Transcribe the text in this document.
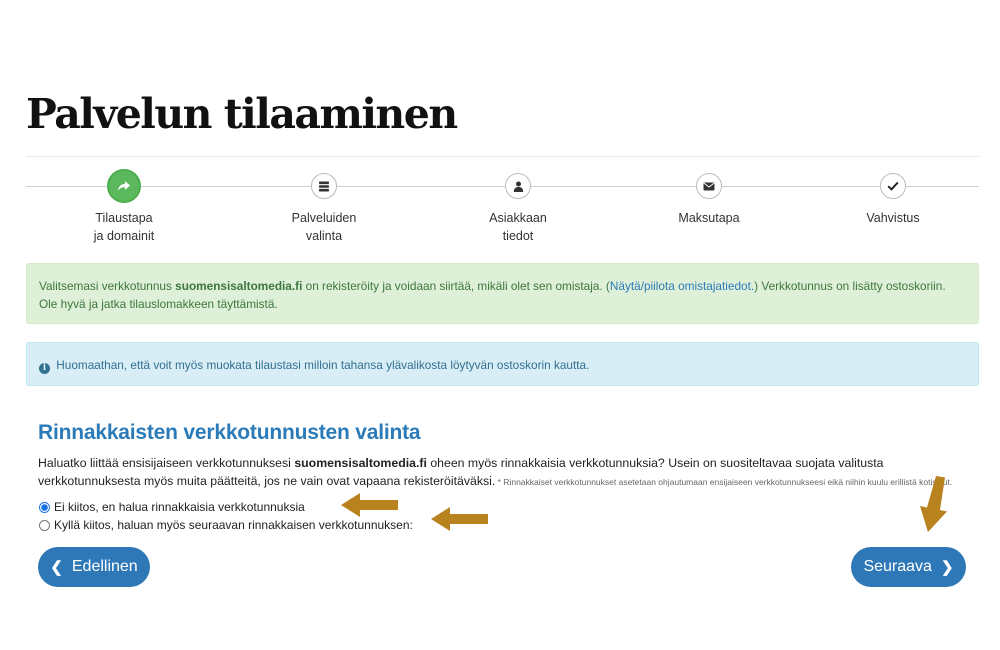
Palvelun tilaaminen
Tilaustapa
ja domainit
Palveluiden
valinta
Asiakkaan
tiedot
Maksutapa	Vahvistus
Valitsemasi verkkotunnus suomensisaltomedia.fi on rekisteröity ja voidaan siirtää, mikäli olet sen omistaja. (Näytä/piilota omistajatiedot.) Verkkotunnus on lisätty ostoskoriin. Ole hyvä ja jatka tilauslomakkeen täyttämistä.
i Huomaathan, että voit myös muokata tilaustasi milloin tahansa ylävalikosta löytyvän ostoskorin kautta.
Rinnakkaisten verkkotunnusten valinta

Haluatko liittää ensisijaiseen verkkotunnuksesi suomensisaltomedia.fi oheen myös rinnakkaisia verkkotunnuksia? Usein on suositeltavaa suojata valitusta verkkotunnuksesta myös muita päätteitä, jos ne vain ovat vapaana rekisteröitäväksi. * Rinnakkaiset verkkotunnukset asetetaan ohjautumaan ensijaiseen verkkotunnukseesi eikä niihin kuulu erillistä kotisivut.

Ei kiitos, en halua rinnakkaisia verkkotunnuksia
Kyllä kiitos, haluan myös seuraavan rinnakkaisen verkkotunnuksen:
❮ Edellinen	Seuraava ❯
